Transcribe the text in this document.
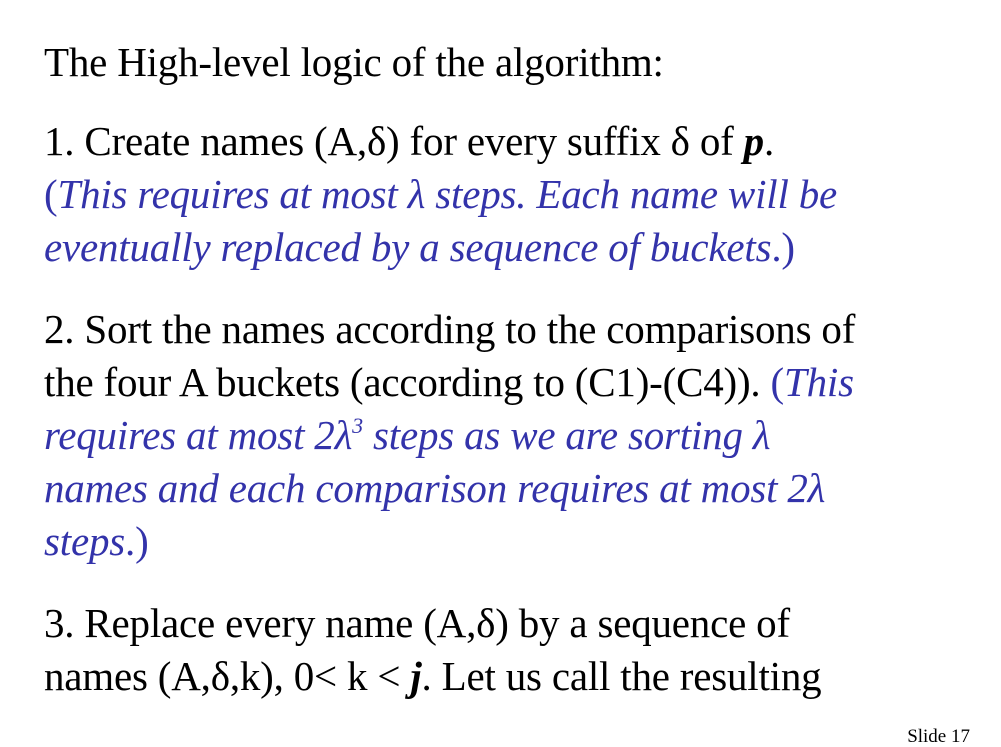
The High-level logic of the algorithm:
1. Create names (A,δ) for every suffix δ of p.
(This requires at most λ steps. Each name will be
eventually replaced by a sequence of buckets.)
2. Sort the names according to the comparisons of
the four A buckets (according to (C1)-(C4)). (This
requires at most $2\lambda^3$ steps as we are sorting λ
names and each comparison requires at most 2λ
steps.)
3. Replace every name (A,δ) by a sequence of
names (A,δ,k), 0< k < j. Let us call the resulting
Slide 17
